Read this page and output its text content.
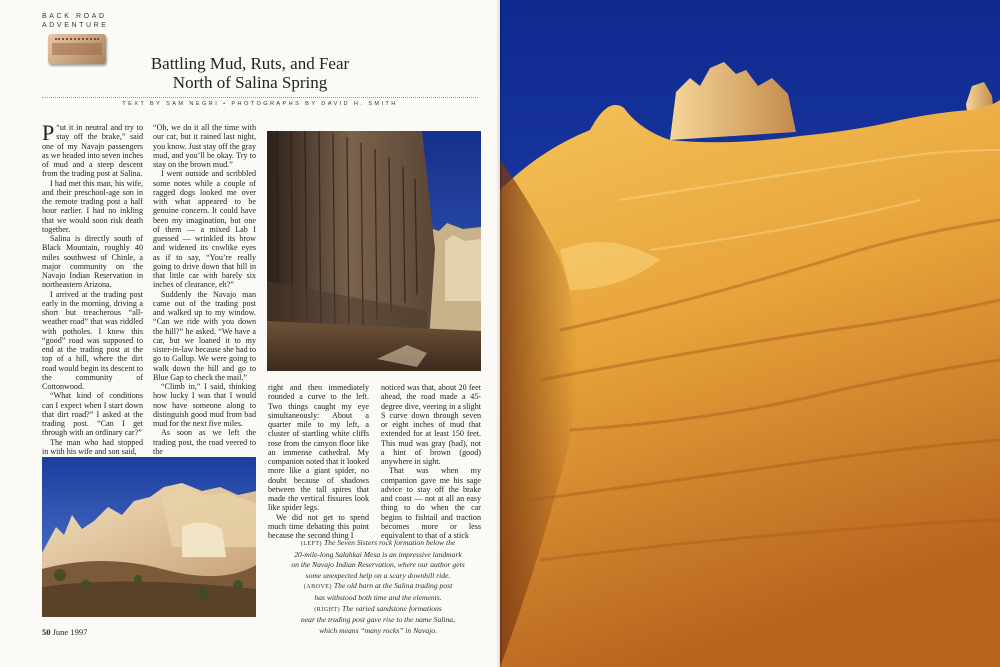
BACK ROAD
ADVENTURE
Battling Mud, Ruts, and Fear
North of Salina Spring
TEXT BY SAM NEGRI • PHOTOGRAPHS BY DAVID H. SMITH

“
P ut it in neutral and try to stay off the brake,” said one of my Navajo passengers as we headed into seven inches of mud and a steep descent from the trading post at Salina.

I had met this man, his wife, and their preschool-age son in the remote trading post a half hour earlier. I had no inkling that we would soon risk death together.

Salina is directly south of Black Mountain, roughly 40 miles southwest of Chinle, a major community on the Navajo Indian Reservation in northeastern Arizona.

I arrived at the trading post early in the morning, driving a short but treacherous “all-weather road” that was riddled with potholes. I knew this “good” road was supposed to end at the trading post at the top of a hill, where the dirt road would begin its descent to the community of Cottonwood.

“What kind of conditions can I expect when I start down that dirt road?” I asked at the trading post. “Can I get through with an ordinary car?”

The man who had stopped in with his wife and son said,

“Oh, we do it all the time with our car, but it rained last night, you know. Just stay off the gray mud, and you’ll be okay. Try to stay on the brown mud.”

I went outside and scribbled some notes while a couple of ragged dogs looked me over with what appeared to be genuine concern. It could have been my imagination, but one of them — a mixed Lab I guessed — wrinkled its brow and widened its cowlike eyes as if to say, “You’re really going to drive down that hill in that little car with barely six inches of clearance, eh?”

Suddenly the Navajo man came out of the trading post and walked up to my window. “Can we ride with you down the hill?” he asked. “We have a car, but we loaned it to my sister-in-law because she had to go to Gallup. We were going to walk down the hill and go to Blue Gap to check the mail.”

“Climb in,” I said, thinking how lucky I was that I would now have someone along to distinguish good mud from bad mud for the next five miles.

As soon as we left the trading post, the road veered to the

right and then immediately rounded a curve to the left. Two things caught my eye simultaneously: About a quarter mile to my left, a cluster of startling white cliffs rose from the canyon floor like an immense cathedral. My companion noted that it looked more like a giant spider, no doubt because of shadows between the tall spires that made the vertical fissures look like spider legs.

We did not get to spend much time debating this point because the second thing I

noticed was that, about 20 feet ahead, the road made a 45-degree dive, veering in a slight S curve down through seven or eight inches of mud that extended for at least 150 feet. This mud was gray (bad), not a hint of brown (good) anywhere in sight.

That was when my companion gave me his sage advice to stay off the brake and coast — not at all an easy thing to do when the car begins to fishtail and traction becomes more or less equivalent to that of a stick

(LEFT) The Seven Sisters rock formation below the
20-mile-long Salahkai Mesa is an impressive landmark
on the Navajo Indian Reservation, where our author gets
some unexpected help on a scary downhill ride.
(ABOVE) The old barn at the Salina trading post
has withstood both time and the elements.
(RIGHT) The varied sandstone formations
near the trading post gave rise to the name Salina,
which means “many rocks” in Navajo.
50 June 1997
